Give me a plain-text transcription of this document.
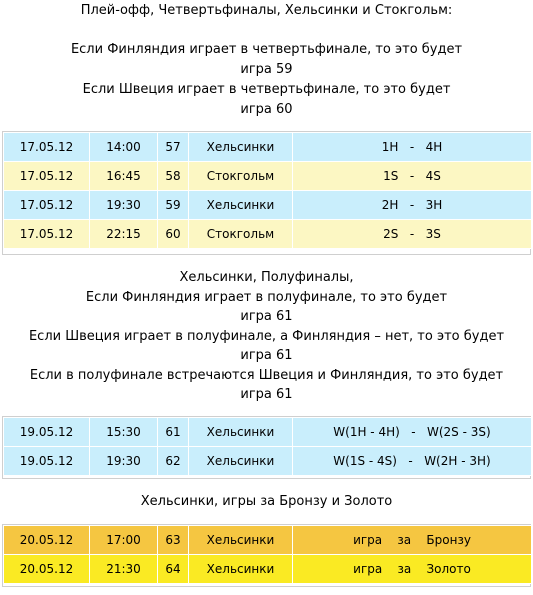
Плей-офф, Четвертьфиналы, Хельсинки и Стокгольм:
Если Финляндия играет в четвертьфинале, то это будет
игра 59
Если Швеция играет в четвертьфинале, то это будет
игра 60
17.05.12	14:00	57	Хельсинки	1H   -   4H
17.05.12	16:45	58	Стокгольм	1S   -   4S
17.05.12	19:30	59	Хельсинки	2H   -   3H
17.05.12	22:15	60	Стокгольм	2S   -   3S
Хельсинки, Полуфиналы,
Если Финляндия играет в полуфинале, то это будет
игра 61
Если Швеция играет в полуфинале, а Финляндия – нет, то это будет
игра 61
Если в полуфинале встречаются Швеция и Финляндия, то это будет
игра 61
19.05.12	15:30	61	Хельсинки	W(1H - 4H)   -   W(2S - 3S)
19.05.12	19:30	62	Хельсинки	W(1S - 4S)   -   W(2H - 3H)
Хельсинки, игры за Бронзу и Золото
20.05.12	17:00	63	Хельсинки	игра    за    Бронзу
20.05.12	21:30	64	Хельсинки	игра    за    Золото
